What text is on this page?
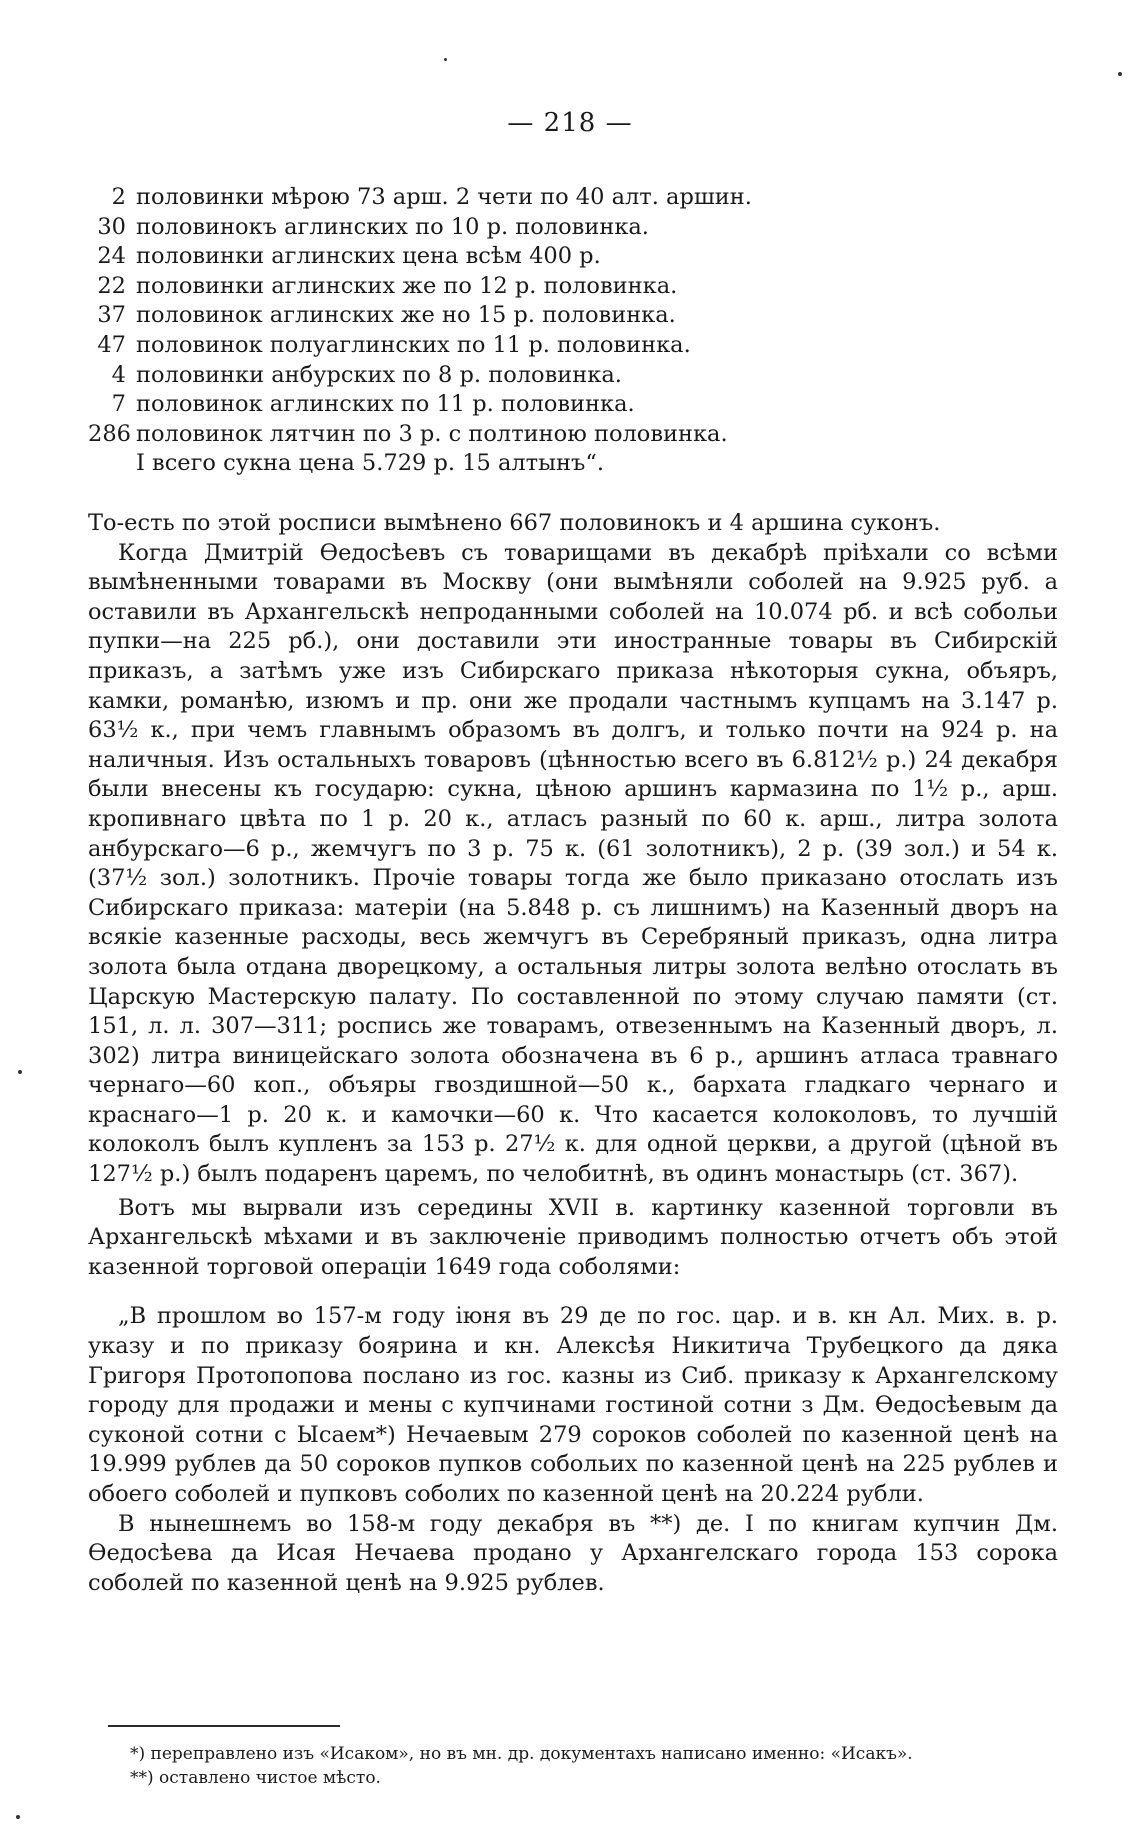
— 218 —
2 половинки мѣрою 73 арш. 2 чети по 40 алт. аршин.
30 половинокъ аглинских по 10 р. половинка.
24 половинки аглинских цена всѣм 400 р.
22 половинки аглинских же по 12 р. половинка.
37 половинок аглинских же но 15 р. половинка.
47 половинок полуаглинских по 11 р. половинка.
4 половинки анбурских по 8 р. половинка.
7 половинок аглинских по 11 р. половинка.
286 половинок лятчин по 3 р. с полтиною половинка.
I всего сукна цена 5.729 р. 15 алтынъ“.

То-есть по этой росписи вымѣнено 667 половинокъ и 4 аршина суконъ.

Когда Дмитрій Ѳедосѣевъ съ товарищами въ декабрѣ пріѣхали со всѣми вымѣненными товарами въ Москву (они вымѣняли соболей на 9.925 руб. а оставили въ Архангельскѣ непроданными соболей на 10.074 рб. и всѣ собольи пупки—на 225 рб.), они доставили эти иностранные товары въ Сибирскій приказъ, а затѣмъ уже изъ Сибирскаго приказа нѣкоторыя сукна, объяръ, камки, романѣю, изюмъ и пр. они же продали частнымъ купцамъ на 3.147 р. 63½ к., при чемъ главнымъ образомъ въ долгъ, и только почти на 924 р. на наличныя. Изъ остальныхъ товаровъ (цѣнностью всего въ 6.812½ р.) 24 декабря были внесены къ государю: сукна, цѣною аршинъ кармазина по 1½ р., арш. кропивнаго цвѣта по 1 р. 20 к., атласъ разный по 60 к. арш., литра золота анбурскаго—6 р., жемчугъ по 3 р. 75 к. (61 золотникъ), 2 р. (39 зол.) и 54 к. (37½ зол.) золотникъ. Прочіе товары тогда же было приказано отослать изъ Сибирскаго приказа: матеріи (на 5.848 р. съ лишнимъ) на Казенный дворъ на всякіе казенные расходы, весь жемчугъ въ Серебряный приказъ, одна литра золота была отдана дворецкому, а остальныя литры золота велѣно отослать въ Царскую Мастерскую палату. По составленной по этому случаю памяти (ст. 151, л. л. 307—311; роспись же товарамъ, отвезеннымъ на Казенный дворъ, л. 302) литра виницейскаго золота обозначена въ 6 р., аршинъ атласа травнаго чернаго—60 коп., объяры гвоздишной—50 к., бархата гладкаго чернаго и краснаго—1 р. 20 к. и камочки—60 к. Что касается колоколовъ, то лучшій колоколъ былъ купленъ за 153 р. 27½ к. для одной церкви, а другой (цѣной въ 127½ р.) былъ подаренъ царемъ, по челобитнѣ, въ одинъ монастырь (ст. 367).

Вотъ мы вырвали изъ середины XVII в. картинку казенной торговли въ Архангельскѣ мѣхами и въ заключеніе приводимъ полностью отчетъ объ этой казенной торговой операціи 1649 года соболями:

„В прошлом во 157-м году іюня въ 29 де по гос. цар. и в. кн Ал. Мих. в. р. указу и по приказу боярина и кн. Алексѣя Никитича Трубецкого да дяка Григоря Протопопова послано из гос. казны из Сиб. приказу к Архангелскому городу для продажи и мены с купчинами гостиной сотни з Дм. Ѳедосѣевым да суконой сотни с Ысаем*) Нечаевым 279 сороков соболей по казенной ценѣ на 19.999 рублев да 50 сороков пупков собольих по казенной ценѣ на 225 рублев и обоего соболей и пупковъ соболих по казенной ценѣ на 20.224 рубли.

В нынешнемъ во 158-м году декабря въ **) де. I по книгам купчин Дм. Ѳедосѣева да Исая Нечаева продано у Архангелскаго города 153 сорока соболей по казенной ценѣ на 9.925 рублев.

*) переправлено изъ «Исаком», но въ мн. др. документахъ написано именно: «Исакъ».
**) оставлено чистое мѣсто.
